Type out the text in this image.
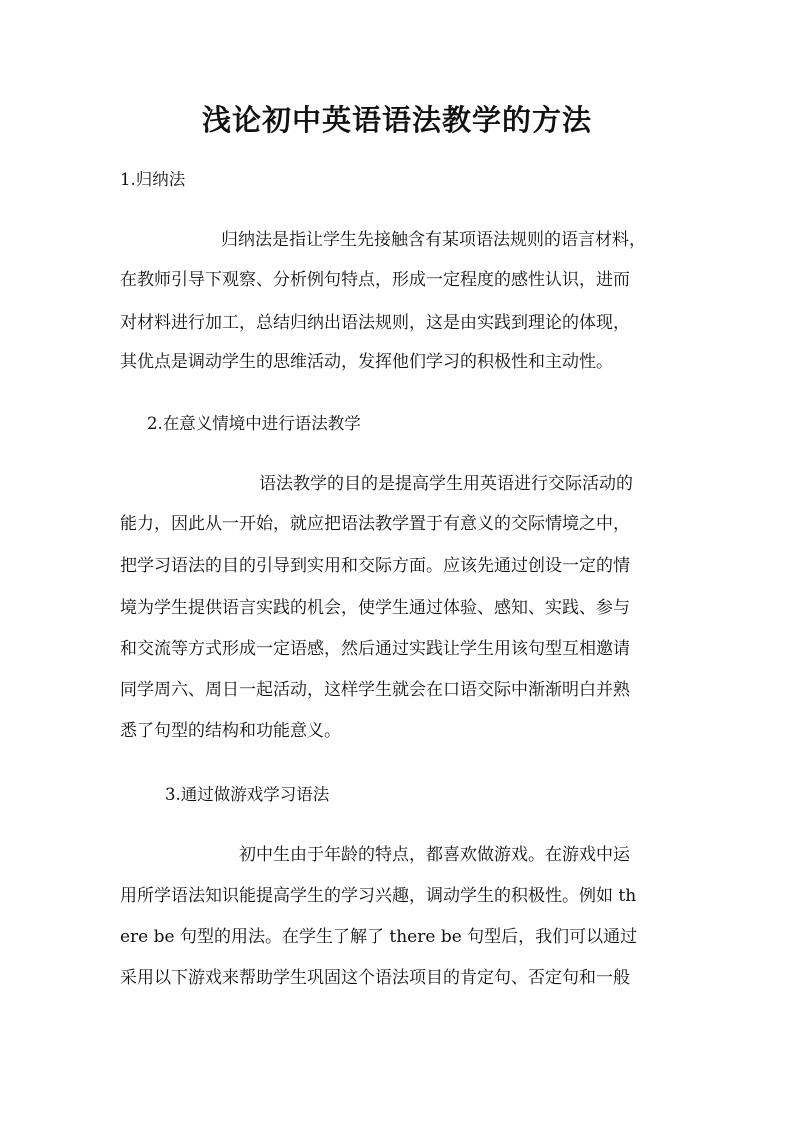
浅论初中英语语法教学的方法

1.归纳法

归纳法是指让学生先接触含有某项语法规则的语言材料，

在教师引导下观察、分析例句特点，形成一定程度的感性认识，进而

对材料进行加工，总结归纳出语法规则，这是由实践到理论的体现，

其优点是调动学生的思维活动，发挥他们学习的积极性和主动性。

2.在意义情境中进行语法教学

语法教学的目的是提高学生用英语进行交际活动的

能力，因此从一开始，就应把语法教学置于有意义的交际情境之中，

把学习语法的目的引导到实用和交际方面。应该先通过创设一定的情

境为学生提供语言实践的机会，使学生通过体验、感知、实践、参与

和交流等方式形成一定语感，然后通过实践让学生用该句型互相邀请

同学周六、周日一起活动，这样学生就会在口语交际中渐渐明白并熟

悉了句型的结构和功能意义。

3.通过做游戏学习语法

初中生由于年龄的特点，都喜欢做游戏。在游戏中运

用所学语法知识能提高学生的学习兴趣，调动学生的积极性。例如 th

ere be 句型的用法。在学生了解了 there be 句型后，我们可以通过

采用以下游戏来帮助学生巩固这个语法项目的肯定句、否定句和一般
